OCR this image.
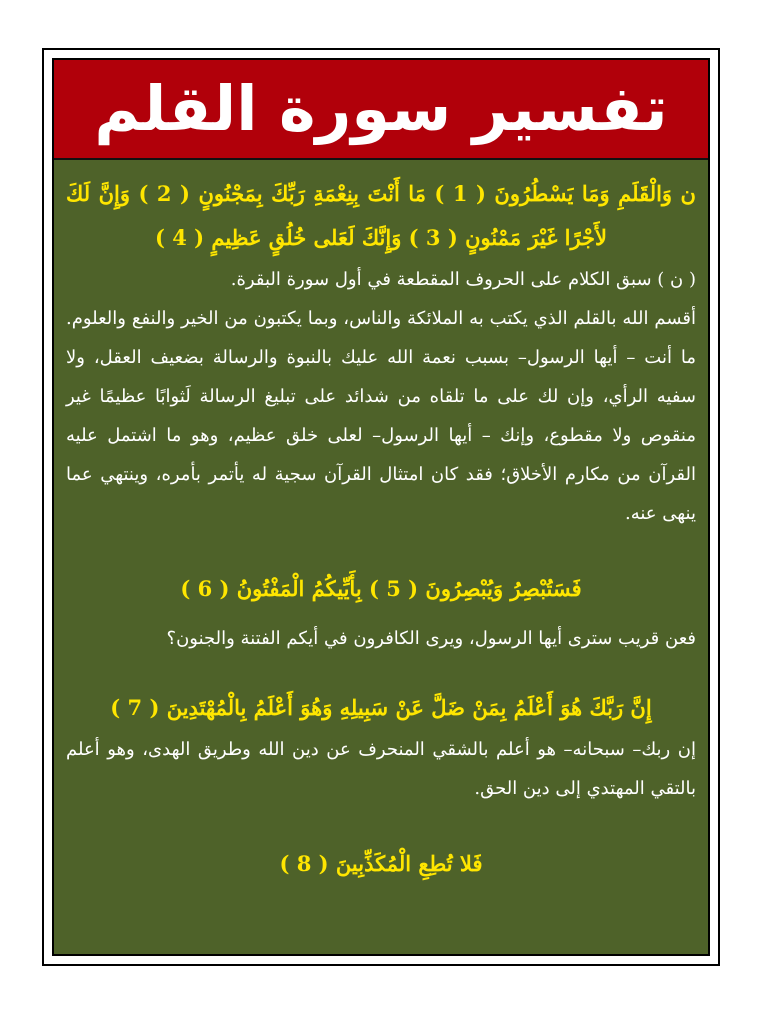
تفسير سورة القلم

ن وَالْقَلَمِ وَمَا يَسْطُرُونَ ( 1 ) مَا أَنْتَ بِنِعْمَةِ رَبِّكَ بِمَجْنُونٍ ( 2 ) وَإِنَّ لَكَ لأَجْرًا غَيْرَ مَمْنُونٍ ( 3 ) وَإِنَّكَ لَعَلى خُلُقٍ عَظِيمٍ ( 4 )

( ن ) سبق الكلام على الحروف المقطعة في أول سورة البقرة.

أقسم الله بالقلم الذي يكتب به الملائكة والناس، وبما يكتبون من الخير والنفع والعلوم. ما أنت – أيها الرسول– بسبب نعمة الله عليك بالنبوة والرسالة بضعيف العقل، ولا سفيه الرأي، وإن لك على ما تلقاه من شدائد على تبليغ الرسالة لَثوابًا عظيمًا غير منقوص ولا مقطوع، وإنك – أيها الرسول– لعلى خلق عظيم، وهو ما اشتمل عليه القرآن من مكارم الأخلاق؛ فقد كان امتثال القرآن سجية له يأتمر بأمره، وينتهي عما ينهى عنه.

فَسَتُبْصِرُ وَيُبْصِرُونَ ( 5 ) بِأَيِّيكُمُ الْمَفْتُونُ ( 6 )

فعن قريب سترى أيها الرسول، ويرى الكافرون في أيكم الفتنة والجنون؟

إِنَّ رَبَّكَ هُوَ أَعْلَمُ بِمَنْ ضَلَّ عَنْ سَبِيلِهِ وَهُوَ أَعْلَمُ بِالْمُهْتَدِينَ ( 7 )

إن ربك– سبحانه– هو أعلم بالشقي المنحرف عن دين الله وطريق الهدى، وهو أعلم بالتقي المهتدي إلى دين الحق.

فَلا تُطِعِ الْمُكَذِّبِينَ ( 8 )
